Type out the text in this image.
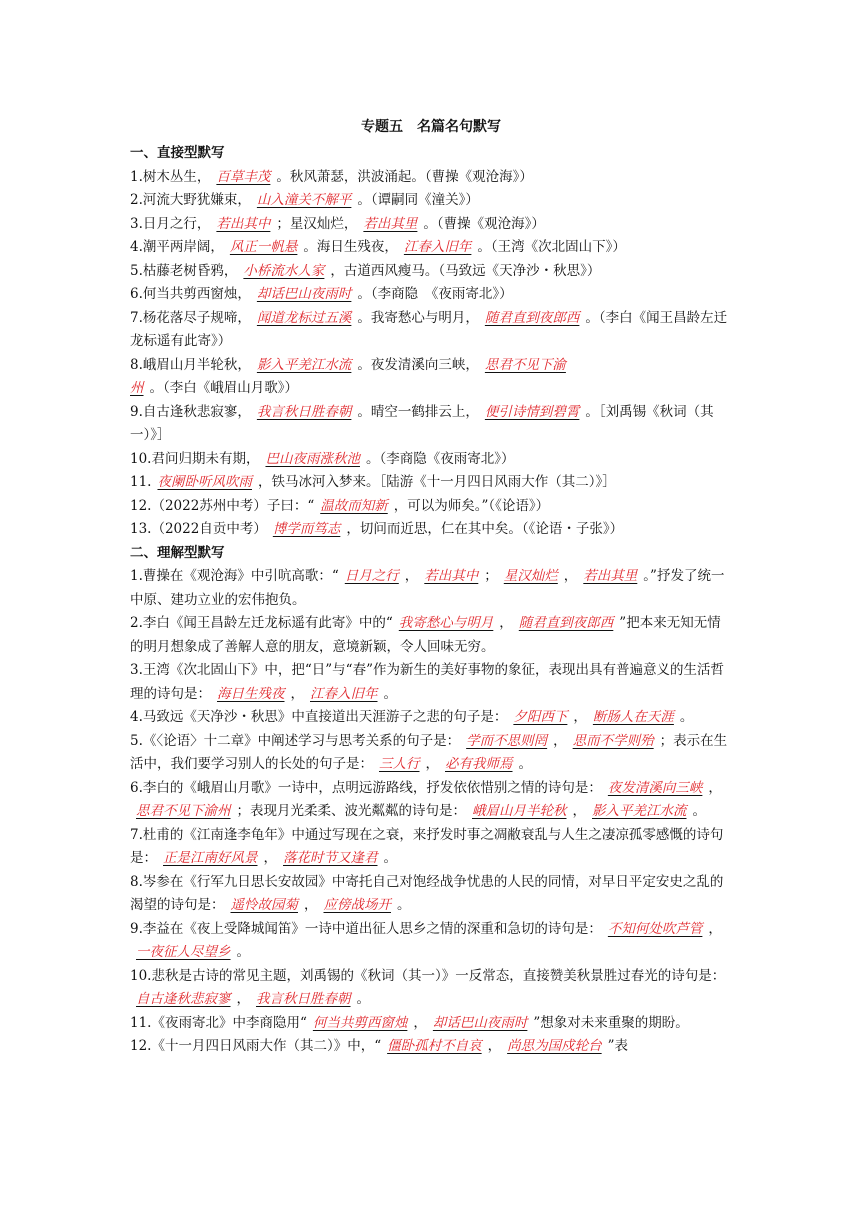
专题五　名篇名句默写
一、直接型默写
1.树木丛生， 百草丰茂 。秋风萧瑟，洪波涌起。（曹操《观沧海》）
2.河流大野犹嫌束， 山入潼关不解平 。（谭嗣同《潼关》）
3.日月之行， 若出其中 ；星汉灿烂， 若出其里 。（曹操《观沧海》）
4.潮平两岸阔， 风正一帆悬 。海日生残夜， 江春入旧年 。（王湾《次北固山下》）
5.枯藤老树昏鸦， 小桥流水人家 ，古道西风瘦马。（马致远《天净沙・秋思》）
6.何当共剪西窗烛， 却话巴山夜雨时 。（李商隐　《夜雨寄北》）
7.杨花落尽子规啼， 闻道龙标过五溪 。我寄愁心与明月， 随君直到夜郎西 。（李白《闻王昌龄左迁龙标遥有此寄》）
8.峨眉山月半轮秋， 影入平羌江水流 。夜发清溪向三峡， 思君不见下渝州 。（李白《峨眉山月歌》）
9.自古逢秋悲寂寥， 我言秋日胜春朝 。晴空一鹤排云上， 便引诗情到碧霄 。［刘禹锡《秋词（其一）》］
10.君问归期未有期， 巴山夜雨涨秋池 。（李商隐《夜雨寄北》）
11. 夜阑卧听风吹雨 ，铁马冰河入梦来。［陆游《十一月四日风雨大作（其二）》］
12.（2022苏州中考）子曰：“ 温故而知新 ，可以为师矣。”（《论语》）
13.（2022自贡中考） 博学而笃志 ，切问而近思，仁在其中矣。（《论语・子张》）
二、理解型默写
1.曹操在《观沧海》中引吭高歌：“ 日月之行 ， 若出其中 ； 星汉灿烂 ， 若出其里 。”抒发了统一中原、建功立业的宏伟抱负。
2.李白《闻王昌龄左迁龙标遥有此寄》中的“ 我寄愁心与明月 ， 随君直到夜郎西 ”把本来无知无情的明月想象成了善解人意的朋友，意境新颖，令人回味无穷。
3.王湾《次北固山下》中，把“日”与“春”作为新生的美好事物的象征，表现出具有普遍意义的生活哲理的诗句是： 海日生残夜 ， 江春入旧年 。
4.马致远《天净沙・秋思》中直接道出天涯游子之悲的句子是： 夕阳西下 ， 断肠人在天涯 。
5.《〈论语〉十二章》中阐述学习与思考关系的句子是： 学而不思则罔 ， 思而不学则殆 ；表示在生活中，我们要学习别人的长处的句子是： 三人行 ， 必有我师焉 。
6.李白的《峨眉山月歌》一诗中，点明远游路线，抒发依依惜别之情的诗句是： 夜发清溪向三峡 ，思君不见下渝州 ；表现月光柔柔、波光粼粼的诗句是： 峨眉山月半轮秋 ， 影入平羌江水流 。
7.杜甫的《江南逢李龟年》中通过写现在之衰，来抒发时事之凋敝衰乱与人生之凄凉孤零感慨的诗句是： 正是江南好风景 ， 落花时节又逢君 。
8.岑参在《行军九日思长安故园》中寄托自己对饱经战争忧患的人民的同情，对早日平定安史之乱的渴望的诗句是： 遥怜故园菊 ， 应傍战场开 。
9.李益在《夜上受降城闻笛》一诗中道出征人思乡之情的深重和急切的诗句是： 不知何处吹芦管 ，一夜征人尽望乡 。
10.悲秋是古诗的常见主题，刘禹锡的《秋词（其一）》一反常态，直接赞美秋景胜过春光的诗句是：自古逢秋悲寂寥 ， 我言秋日胜春朝 。
11.《夜雨寄北》中李商隐用“ 何当共剪西窗烛 ， 却话巴山夜雨时 ”想象对未来重聚的期盼。
12.《十一月四日风雨大作（其二）》中，“ 僵卧孤村不自哀 ， 尚思为国戍轮台 ”表
